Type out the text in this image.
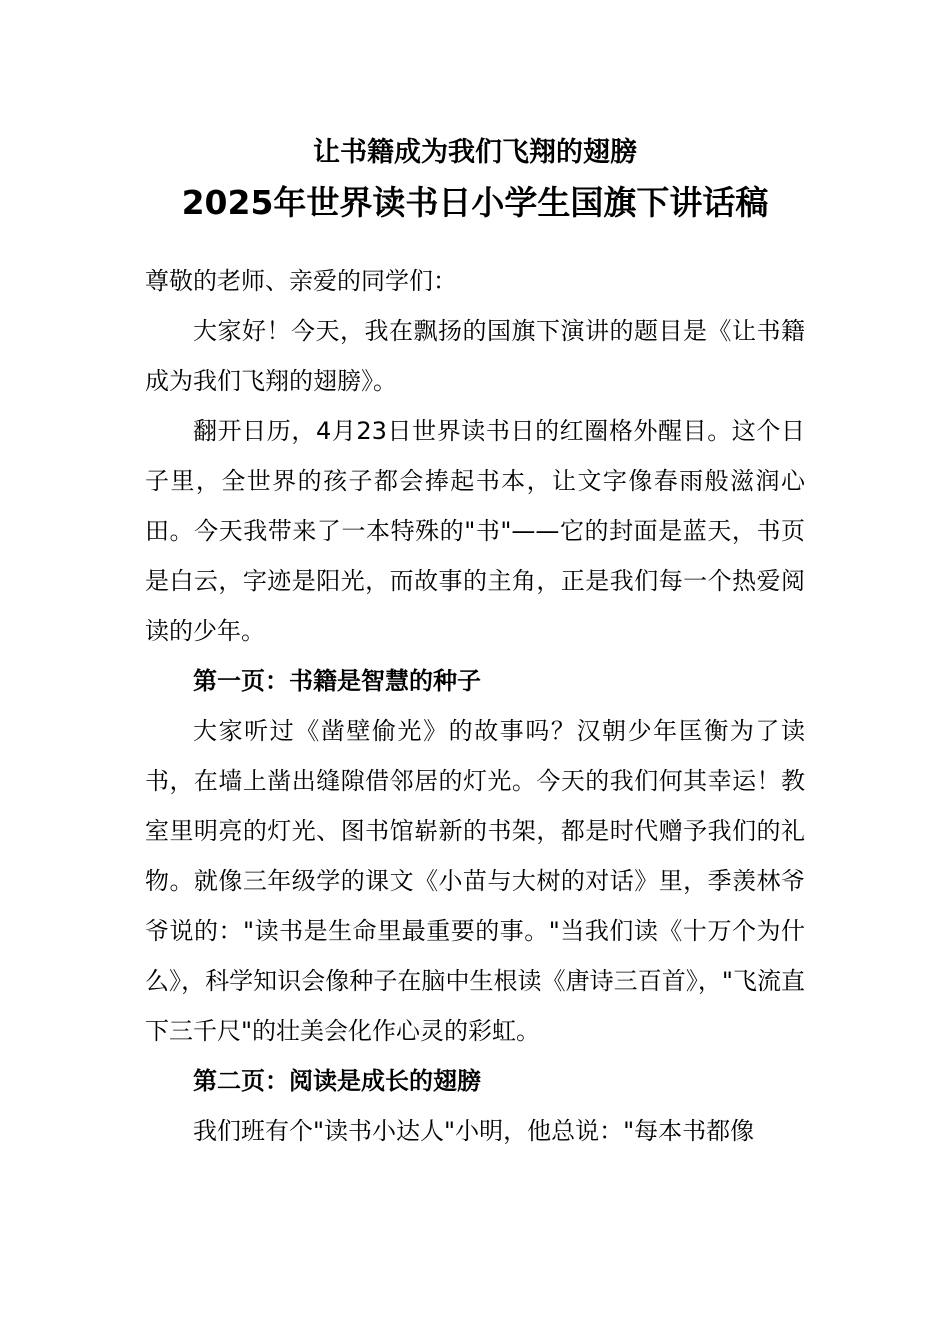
让书籍成为我们飞翔的翅膀
2025年世界读书日小学生国旗下讲话稿

尊敬的老师、亲爱的同学们：

大家好！今天，我在飘扬的国旗下演讲的题目是《让书籍成为我们飞翔的翅膀》。

翻开日历，4月23日世界读书日的红圈格外醒目。这个日子里，全世界的孩子都会捧起书本，让文字像春雨般滋润心田。今天我带来了一本特殊的"书"——它的封面是蓝天，书页是白云，字迹是阳光，而故事的主角，正是我们每一个热爱阅读的少年。

第一页：书籍是智慧的种子

大家听过《凿壁偷光》的故事吗？汉朝少年匡衡为了读书，在墙上凿出缝隙借邻居的灯光。今天的我们何其幸运！教室里明亮的灯光、图书馆崭新的书架，都是时代赠予我们的礼物。就像三年级学的课文《小苗与大树的对话》里，季羡林爷爷说的："读书是生命里最重要的事。"当我们读《十万个为什么》，科学知识会像种子在脑中生根读《唐诗三百首》，"飞流直下三千尺"的壮美会化作心灵的彩虹。

第二页：阅读是成长的翅膀

我们班有个"读书小达人"小明，他总说："每本书都像
